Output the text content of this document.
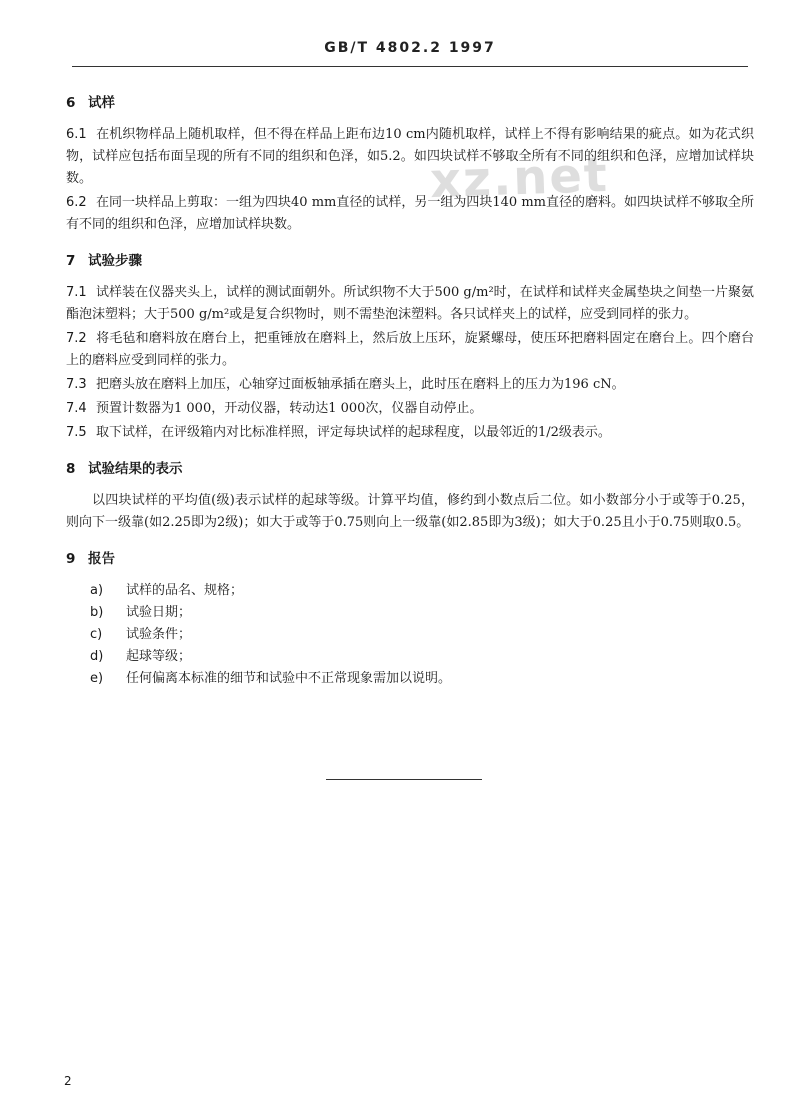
GB/T 4802.2 1997
xz.net
6 试样

6.1 在机织物样品上随机取样，但不得在样品上距布边10 cm内随机取样，试样上不得有影响结果的疵点。如为花式织物，试样应包括布面呈现的所有不同的组织和色泽，如5.2。如四块试样不够取全所有不同的组织和色泽，应增加试样块数。

6.2 在同一块样品上剪取：一组为四块40 mm直径的试样，另一组为四块140 mm直径的磨料。如四块试样不够取全所有不同的组织和色泽，应增加试样块数。

7 试验步骤

7.1 试样装在仪器夹头上，试样的测试面朝外。所试织物不大于500 g/m²时，在试样和试样夹金属垫块之间垫一片聚氨酯泡沫塑料；大于500 g/m²或是复合织物时，则不需垫泡沫塑料。各只试样夹上的试样，应受到同样的张力。

7.2 将毛毡和磨料放在磨台上，把重锤放在磨料上，然后放上压环，旋紧螺母，使压环把磨料固定在磨台上。四个磨台上的磨料应受到同样的张力。

7.3 把磨头放在磨料上加压，心轴穿过面板轴承插在磨头上，此时压在磨料上的压力为196 cN。

7.4 预置计数器为1 000，开动仪器，转动达1 000次，仪器自动停止。

7.5 取下试样，在评级箱内对比标准样照，评定每块试样的起球程度，以最邻近的1/2级表示。

8 试验结果的表示

以四块试样的平均值(级)表示试样的起球等级。计算平均值，修约到小数点后二位。如小数部分小于或等于0.25，则向下一级靠(如2.25即为2级)；如大于或等于0.75则向上一级靠(如2.85即为3级)；如大于0.25且小于0.75则取0.5。

9 报告
a) 试样的品名、规格；
b) 试验日期；
c) 试验条件；
d) 起球等级；
e) 任何偏离本标准的细节和试验中不正常现象需加以说明。
2
